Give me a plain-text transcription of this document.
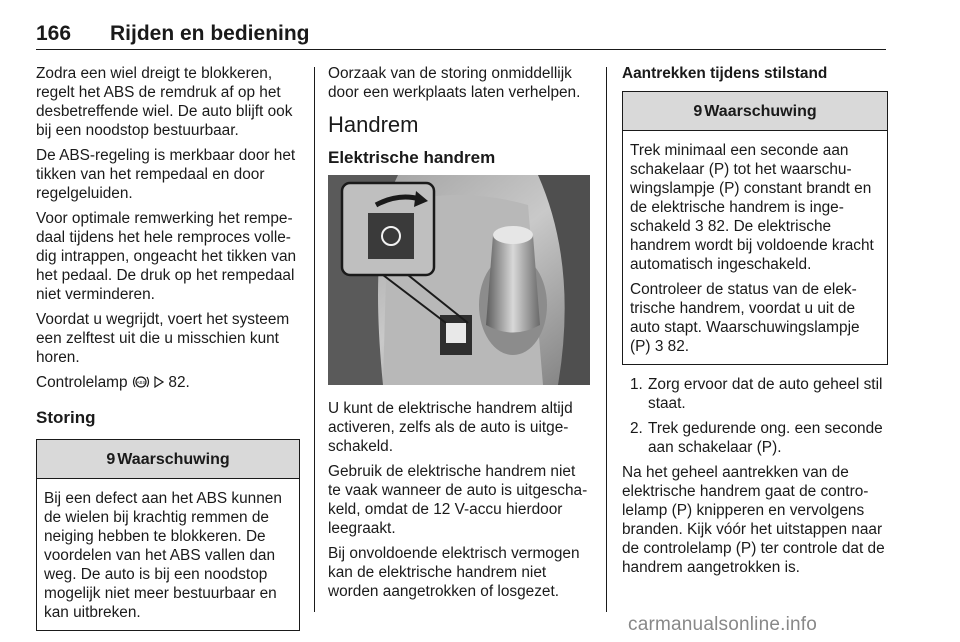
166 Rijden en bediening

Zodra een wiel dreigt te blokkeren, regelt het ABS de remdruk af op het desbetreffende wiel. De auto blijft ook bij een noodstop bestuurbaar.

De ABS-regeling is merkbaar door het tikken van het rempedaal en door regelgeluiden.

Voor optimale remwerking het rempe-daal tijdens het hele remproces volle-dig intrappen, ongeacht het tikken van het pedaal. De druk op het rempedaal niet verminderen.

Voordat u wegrijdt, voert het systeem een zelftest uit die u misschien kunt horen.

Controlelamp ABS 82.

Storing
9 Waarschuwing

Bij een defect aan het ABS kunnen de wielen bij krachtig remmen de neiging hebben te blokkeren. De voordelen van het ABS vallen dan weg. De auto is bij een noodstop mogelijk niet meer bestuurbaar en kan uitbreken.

Oorzaak van de storing onmiddellijk door een werkplaats laten verhelpen.

Handrem
Elektrische handrem

U kunt de elektrische handrem altijd activeren, zelfs als de auto is uitge-schakeld.

Gebruik de elektrische handrem niet te vaak wanneer de auto is uitgescha-keld, omdat de 12 V-accu hierdoor leegraakt.

Bij onvoldoende elektrisch vermogen kan de elektrische handrem niet worden aangetrokken of losgezet.

Aantrekken tijdens stilstand
9 Waarschuwing

Trek minimaal een seconde aan schakelaar (P) tot het waarschu-wingslampje (P) constant brandt en de elektrische handrem is inge-schakeld 3 82. De elektrische handrem wordt bij voldoende kracht automatisch ingeschakeld.

Controleer de status van de elek-trische handrem, voordat u uit de auto stapt. Waarschuwingslampje (P) 3 82.

1. Zorg ervoor dat de auto geheel stil staat.
2. Trek gedurende ong. een seconde aan schakelaar (P).

Na het geheel aantrekken van de elektrische handrem gaat de contro-lelamp (P) knipperen en vervolgens branden. Kijk vóór het uitstappen naar de controlelamp (P) ter controle dat de handrem aangetrokken is.

carmanualsonline.info
